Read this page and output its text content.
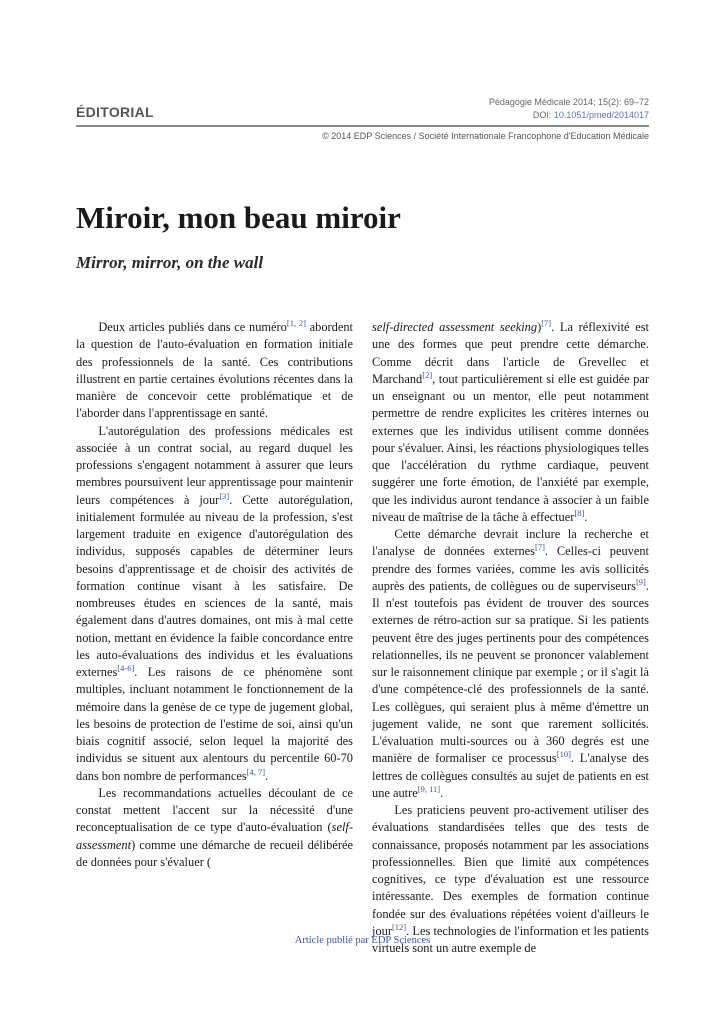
ÉDITORIAL
Pédagogie Médicale 2014; 15(2): 69–72
DOI: 10.1051/pmed/2014017
© 2014 EDP Sciences / Société Internationale Francophone d'Education Médicale
Miroir, mon beau miroir
Mirror, mirror, on the wall

Deux articles publiés dans ce numéro[1, 2] abordent la question de l'auto-évaluation en formation initiale des professionnels de la santé. Ces contributions illustrent en partie certaines évolutions récentes dans la manière de concevoir cette problématique et de l'aborder dans l'apprentissage en santé.

L'autorégulation des professions médicales est associée à un contrat social, au regard duquel les professions s'engagent notamment à assurer que leurs membres poursuivent leur apprentissage pour maintenir leurs compétences à jour[3]. Cette autorégulation, initialement formulée au niveau de la profession, s'est largement traduite en exigence d'autorégulation des individus, supposés capables de déterminer leurs besoins d'apprentissage et de choisir des activités de formation continue visant à les satisfaire. De nombreuses études en sciences de la santé, mais également dans d'autres domaines, ont mis à mal cette notion, mettant en évidence la faible concordance entre les auto-évaluations des individus et les évaluations externes[4-6]. Les raisons de ce phénomène sont multiples, incluant notamment le fonctionnement de la mémoire dans la genèse de ce type de jugement global, les besoins de protection de l'estime de soi, ainsi qu'un biais cognitif associé, selon lequel la majorité des individus se situent aux alentours du percentile 60-70 dans bon nombre de performances[4, 7].

Les recommandations actuelles découlant de ce constat mettent l'accent sur la nécessité d'une reconceptualisation de ce type d'auto-évaluation (self-assessment) comme une démarche de recueil délibérée de données pour s'évaluer (

self-directed assessment seeking)[7]. La réflexivité est une des formes que peut prendre cette démarche. Comme décrit dans l'article de Grevellec et Marchand[2], tout particulièrement si elle est guidée par un enseignant ou un mentor, elle peut notamment permettre de rendre explicites les critères internes ou externes que les individus utilisent comme données pour s'évaluer. Ainsi, les réactions physiologiques telles que l'accélération du rythme cardiaque, peuvent suggérer une forte émotion, de l'anxiété par exemple, que les individus auront tendance à associer à un faible niveau de maîtrise de la tâche à effectuer[8].

Cette démarche devrait inclure la recherche et l'analyse de données externes[7]. Celles-ci peuvent prendre des formes variées, comme les avis sollicités auprès des patients, de collègues ou de superviseurs[9]. Il n'est toutefois pas évident de trouver des sources externes de rétro-action sur sa pratique. Si les patients peuvent être des juges pertinents pour des compétences relationnelles, ils ne peuvent se prononcer valablement sur le raisonnement clinique par exemple ; or il s'agit là d'une compétence-clé des professionnels de la santé. Les collègues, qui seraient plus à même d'émettre un jugement valide, ne sont que rarement sollicités. L'évaluation multi-sources ou à 360 degrés est une manière de formaliser ce processus[10]. L'analyse des lettres de collègues consultés au sujet de patients en est une autre[9, 11].

Les praticiens peuvent pro-activement utiliser des évaluations standardisées telles que des tests de connaissance, proposés notamment par les associations professionnelles. Bien que limité aux compétences cognitives, ce type d'évaluation est une ressource intéressante. Des exemples de formation continue fondée sur des évaluations répétées voient d'ailleurs le jour[12]. Les technologies de l'information et les patients virtuels sont un autre exemple de

Article publié par EDP Sciences
